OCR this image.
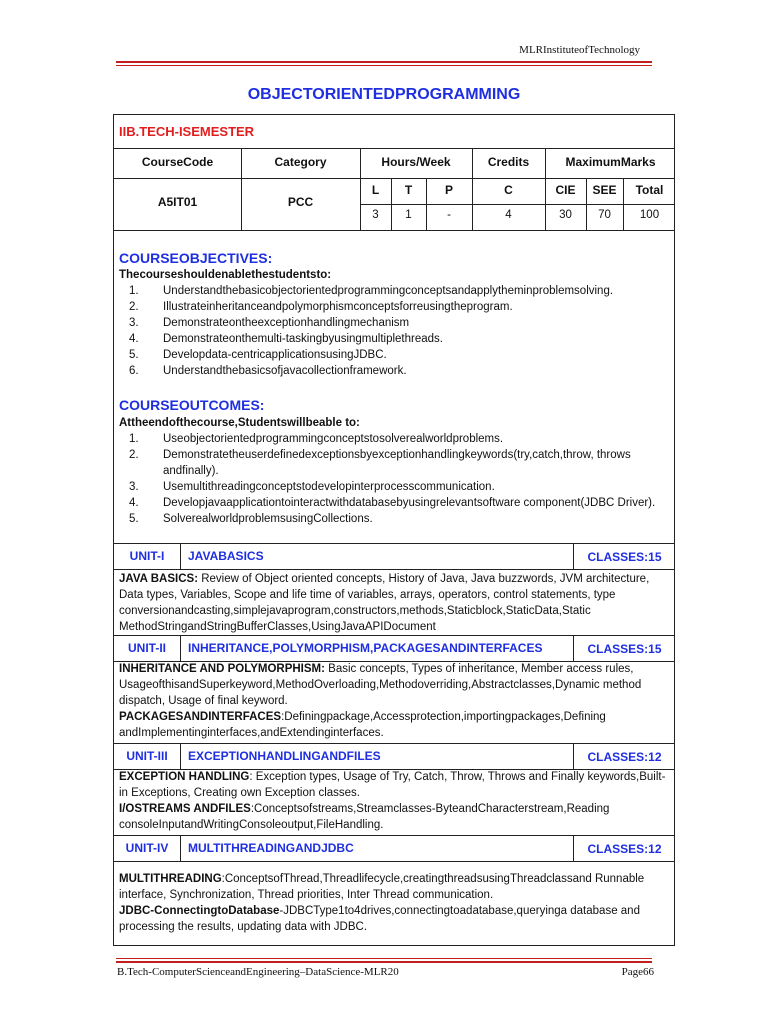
MLRInstituteofTechnology
OBJECTORIENTEDPROGRAMMING
IIB.TECH-ISEMESTER
CourseCode	Category	Hours/Week	Credits	MaximumMarks
L	T	P	C	CIE	SEE	Total
A5IT01	PCC
3	1	-	4	30	70	100
COURSEOBJECTIVES:
Thecourseshouldenablethestudentsto:
1. Understandthebasicobjectorientedprogrammingconceptsandapplytheminproblemsolving.
2. Illustrateinheritanceandpolymorphismconceptsforreusingtheprogram.
3. Demonstrateontheexceptionhandlingmechanism
4. Demonstrateonthemulti-taskingbyusingmultiplethreads.
5. Developdata-centricapplicationsusingJDBC.
6. Understandthebasicsofjavacollectionframework.
COURSEOUTCOMES:
Attheendofthecourse,Studentswillbeable to:
1. Useobjectorientedprogrammingconceptstosolverealworldproblems.
2. Demonstratetheuserdefinedexceptionsbyexceptionhandlingkeywords(try,catch,throw, throws andfinally).
3. Usemultithreadingconceptstodevelopinterprocesscommunication.
4. Developjavaapplicationtointeractwithdatabasebyusingrelevantsoftware component(JDBC Driver).
5. SolverealworldproblemsusingCollections.
UNIT-I	JAVABASICS	CLASSES:15
JAVA BASICS: Review of Object oriented concepts, History of Java, Java buzzwords, JVM architecture, Data types, Variables, Scope and life time of variables, arrays, operators, control statements, type conversionandcasting,simplejavaprogram,constructors,methods,Staticblock,StaticData,Static MethodStringandStringBufferClasses,UsingJavaAPIDocument
UNIT-II	INHERITANCE,POLYMORPHISM,PACKAGESANDINTERFACES	CLASSES:15
INHERITANCE AND POLYMORPHISM: Basic concepts, Types of inheritance, Member access rules, UsageofthisandSuperkeyword,MethodOverloading,Methodoverriding,Abstractclasses,Dynamic method dispatch, Usage of final keyword.
PACKAGESANDINTERFACES:Definingpackage,Accessprotection,importingpackages,Defining andImplementinginterfaces,andExtendinginterfaces.
UNIT-III	EXCEPTIONHANDLINGANDFILES	CLASSES:12
EXCEPTION HANDLING: Exception types, Usage of Try, Catch, Throw, Throws and Finally keywords,Built-in Exceptions, Creating own Exception classes.
I/OSTREAMS ANDFILES:Conceptsofstreams,Streamclasses-ByteandCharacterstream,Reading consoleInputandWritingConsoleoutput,FileHandling.
UNIT-IV	MULTITHREADINGANDJDBC	CLASSES:12
MULTITHREADING:ConceptsofThread,Threadlifecycle,creatingthreadsusingThreadclassand Runnable interface, Synchronization, Thread priorities, Inter Thread communication.
JDBC-ConnectingtoDatabase-JDBCType1to4drives,connectingtoadatabase,queryinga database and processing the results, updating data with JDBC.
B.Tech-ComputerScienceandEngineering–DataScience-MLR20	Page66
